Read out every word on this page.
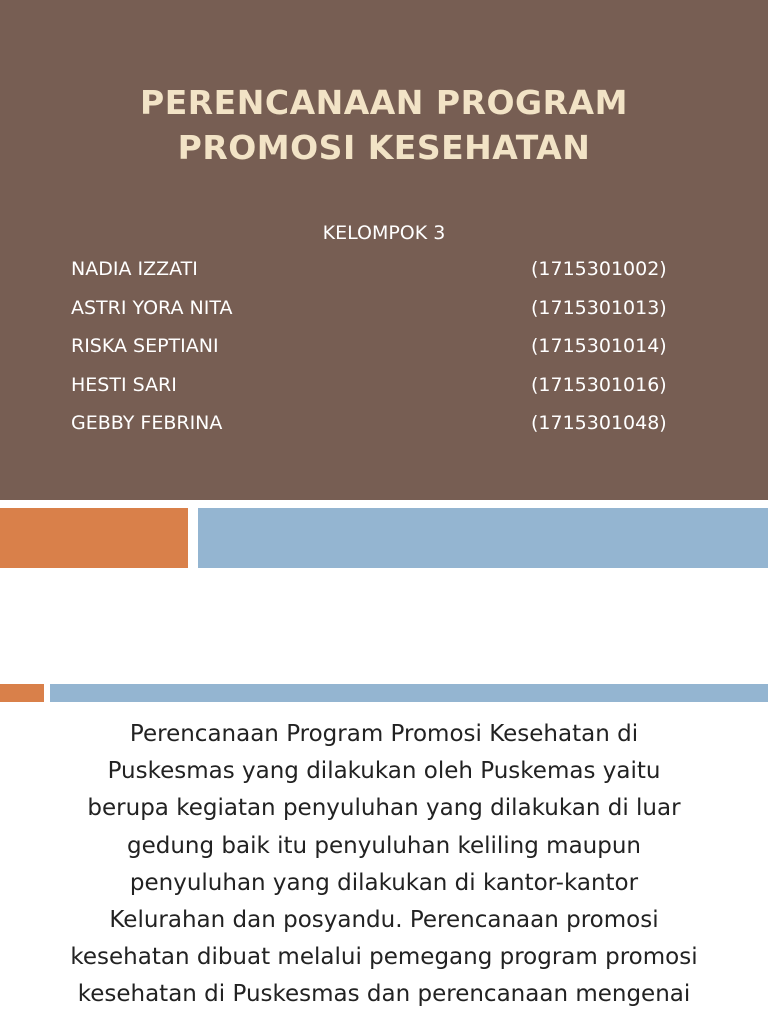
PERENCANAAN PROGRAM
PROMOSI KESEHATAN
KELOMPOK 3
NADIA IZZATI	(1715301002)
ASTRI YORA NITA	(1715301013)
RISKA SEPTIANI	(1715301014)
HESTI SARI	(1715301016)
GEBBY FEBRINA	(1715301048)
Perencanaan Program Promosi Kesehatan di
Puskesmas yang dilakukan oleh Puskemas yaitu
berupa kegiatan penyuluhan yang dilakukan di luar
gedung baik itu penyuluhan keliling maupun
penyuluhan yang dilakukan di kantor-kantor
Kelurahan dan posyandu. Perencanaan promosi
kesehatan dibuat melalui pemegang program promosi
kesehatan di Puskesmas dan perencanaan mengenai
